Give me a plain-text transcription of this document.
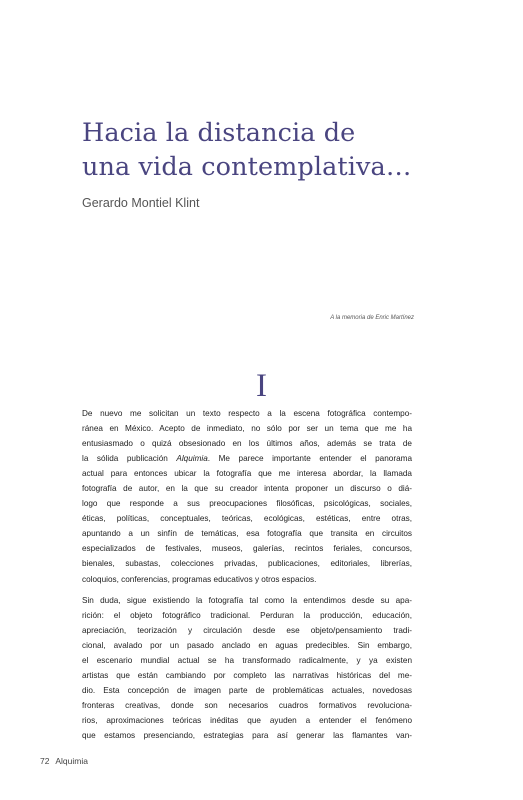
Hacia la distancia de
una vida contemplativa…

Gerardo Montiel Klint

A la memoria de Enric Martínez
I
De nuevo me solicitan un texto respecto a la escena fotográfica contempo-
ránea en México. Acepto de inmediato, no sólo por ser un tema que me ha
entusiasmado o quizá obsesionado en los últimos años, además se trata de
la sólida publicación Alquimia. Me parece importante entender el panorama
actual para entonces ubicar la fotografía que me interesa abordar, la llamada
fotografía de autor, en la que su creador intenta proponer un discurso o diá-
logo que responde a sus preocupaciones filosóficas, psicológicas, sociales,
éticas, políticas, conceptuales, teóricas, ecológicas, estéticas, entre otras,
apuntando a un sinfín de temáticas, esa fotografía que transita en circuitos
especializados de festivales, museos, galerías, recintos feriales, concursos,
bienales, subastas, colecciones privadas, publicaciones, editoriales, librerías,
coloquios, conferencias, programas educativos y otros espacios.
Sin duda, sigue existiendo la fotografía tal como la entendimos desde su apa-
rición: el objeto fotográfico tradicional. Perduran la producción, educación,
apreciación, teorización y circulación desde ese objeto/pensamiento tradi-
cional, avalado por un pasado anclado en aguas predecibles. Sin embargo,
el escenario mundial actual se ha transformado radicalmente, y ya existen
artistas que están cambiando por completo las narrativas históricas del me-
dio. Esta concepción de imagen parte de problemáticas actuales, novedosas
fronteras creativas, donde son necesarios cuadros formativos revoluciona-
rios, aproximaciones teóricas inéditas que ayuden a entender el fenómeno
que estamos presenciando, estrategias para así generar las flamantes van-
72 Alquimia
